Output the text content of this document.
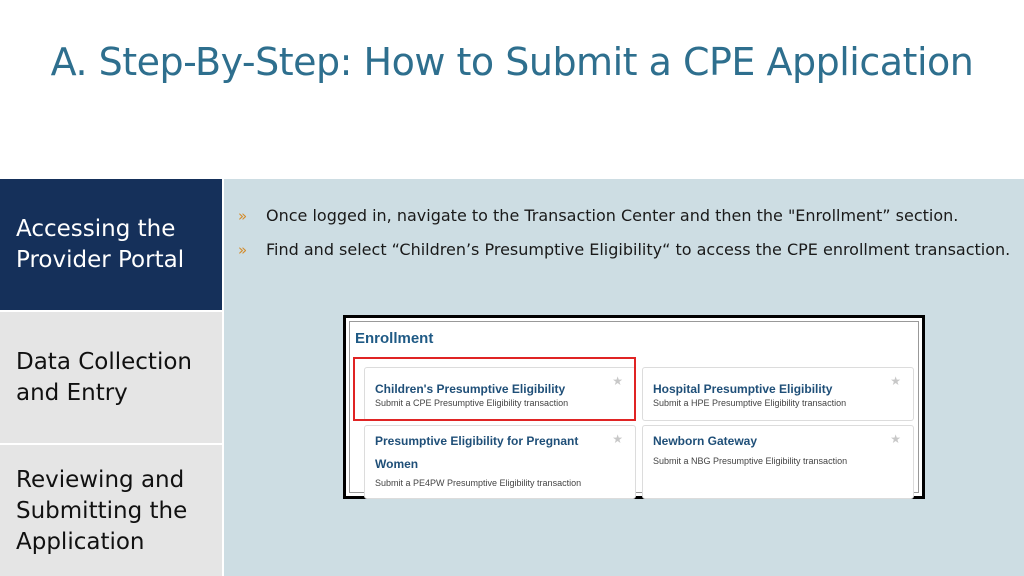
A. Step-By-Step: How to Submit a CPE Application
Accessing the Provider Portal
Data Collection and Entry
Reviewing and Submitting the Application
» Once logged in, navigate to the Transaction Center and then the "Enrollment” section.
» Find and select “Children’s Presumptive Eligibility“ to access the CPE enrollment transaction.
Enrollment
Children's Presumptive Eligibility
Submit a CPE Presumptive Eligibility transaction
★
Hospital Presumptive Eligibility
Submit a HPE Presumptive Eligibility transaction
★
Presumptive Eligibility for Pregnant Women
Submit a PE4PW Presumptive Eligibility transaction
★	Newborn Gateway
Submit a NBG Presumptive Eligibility transaction
★
